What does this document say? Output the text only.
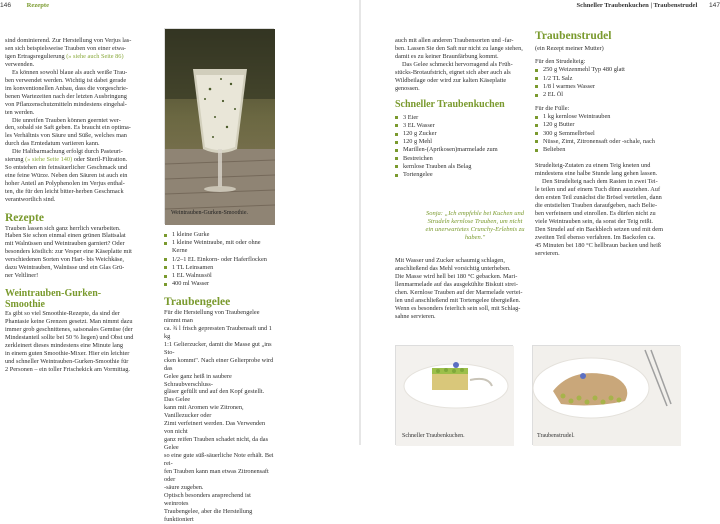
146 Rezepte

sind dominierend. Zur Herstellung von Verjus las-

sen sich beispielsweise Trauben von einer etwa-

igen Ertragsregulierung (» siehe auch Seite 86)

verwenden.

Es können sowohl blaue als auch weiße Trau-

ben verwendet werden. Wichtig ist dabei gerade

im konventionellen Anbau, dass die vorgeschrie-

benen Wartezeiten nach der letzten Ausbringung

von Pflanzenschutzmitteln mindestens eingehal-

ten werden.

Die unreifen Trauben können geerntet wer-

den, sobald sie Saft geben. Es braucht ein optima-

les Verhältnis von Säure und Süße, welches man

durch das Erntedatum variieren kann.

Die Haltbarmachung erfolgt durch Pasteuri-

sierung (» siehe Seite 140) oder Steril-Filtration.

So entstehen ein feinsäuerlicher Geschmack und

eine feine Würze. Neben den Säuren ist auch ein

hoher Anteil an Polyphenolen im Verjus enthal-

ten, die für den leicht bitter-herben Geschmack

verantwortlich sind.

Rezepte

Trauben lassen sich ganz herrlich verarbeiten.

Haben Sie schon einmal einen grünen Blattsalat

mit Walnüssen und Weintrauben garniert? Oder

besonders köstlich: zur Vesper eine Käseplatte mit

verschiedenen Sorten von Hart- bis Weichkäse,

dazu Weintrauben, Walnüsse und ein Glas Grü-

ner Veltliner!

Weintrauben-Gurken-
Smoothie

Es gibt so viel Smoothie-Rezepte, da sind der

Phantasie keine Grenzen gesetzt. Man nimmt dazu

immer grob geschnittenes, saisonales Gemüse (der

Mindestanteil sollte bei 50 % liegen) und Obst und

zerkleinert dieses mindestens eine Minute lang

in einem guten Smoothie-Mixer. Hier ein leichter

und schneller Weintrauben-Gurken-Smoothie für

2 Personen – ein toller Frischekick am Vormittag.

Weintrauben-Gurken-Smoothie.
1 kleine Gurke
1 kleine Weintraube, mit oder ohne Kerne
1/2–1 EL Einkorn- oder Haferflocken
1 TL Leinsamen
1 EL Walnussöl
400 ml Wasser
Traubengelee

Für die Herstellung von Traubengelee nimmt man

ca. ¾ l frisch gepressten Traubensaft und 1 kg

1:1 Gelierzucker, damit die Masse gut „ins Sto-

cken kommt". Nach einer Gelierprobe wird das

Gelee ganz heiß in saubere Schraubverschluss-

gläser gefüllt und auf den Kopf gestellt. Das Gelee

kann mit Aromen wie Zitronen, Vanillezucker oder

Zimt verfeinert werden. Das Verwenden von nicht

ganz reifen Trauben schadet nicht, da das Gelee

so eine gute süß-säuerliche Note erhält. Bei rei-

fen Trauben kann man etwas Zitronensaft oder

-säure zugeben.

Optisch besonders ansprechend ist weinrotes

Traubengelee, aber die Herstellung funktioniert

Schneller Traubenkuchen | Traubenstrudel 147

auch mit allen anderen Traubensorten und -far-

ben. Lassen Sie den Saft nur nicht zu lange stehen,

damit es zu keiner Braunfärbung kommt.

Das Gelee schmeckt hervorragend als Früh-

stücks-Brotaufstrich, eignet sich aber auch als

Wildbeilage oder wird zur kalten Käseplatte

genossen.

Schneller Traubenkuchen
3 Eier
3 EL Wasser
120 g Zucker
120 g Mehl
Marillen-(Aprikosen)marmelade zum
Bestreichen
kernlose Trauben als Belag
Tortengelee

Sonja: „Ich empfehle bei Kuchen und

Strudeln kernlose Trauben, um nicht

ein unerwartetes Crunchy-Erlebnis zu

haben."

Mit Wasser und Zucker schaumig schlagen,

anschließend das Mehl vorsichtig unterheben.

Die Masse wird hell bei 180 °C gebacken. Mari-

llenmarmelade auf das ausgekühlte Biskuit strei-

chen. Kernlose Trauben auf der Marmelade vertei-

len und anschließend mit Tortengelee übergießen.

Wenn es besonders feierlich sein soll, mit Schlag-

sahne servieren.

Traubenstrudel
(ein Rezept meiner Mutter)
Für den Strudelteig:
250 g Weizenmehl Typ 480 glatt
1/2 TL Salz
1/8 l warmes Wasser
2 EL Öl
Für die Fülle:
1 kg kernlose Weintrauben
120 g Butter
300 g Semmelbrösel
Nüsse, Zimt, Zitronensaft oder -schale, nach
Belieben

Strudelteig-Zutaten zu einem Teig kneten und

mindestens eine halbe Stunde lang gehen lassen.

Den Strudelteig nach dem Rasten in zwei Tei-

le teilen und auf einem Tuch dünn ausziehen. Auf

den ersten Teil zunächst die Brösel verteilen, dann

die entstielten Trauben daraufgeben, nach Belie-

ben verfeinern und einrollen. Es dürfen nicht zu

viele Weintrauben sein, da sonst der Teig reißt.

Den Strudel auf ein Backblech setzen und mit dem

zweiten Teil ebenso verfahren. Im Backofen ca.

45 Minuten bei 180 °C hellbraun backen und heiß

servieren.

Schneller Traubenkuchen.	Traubenstrudel.
